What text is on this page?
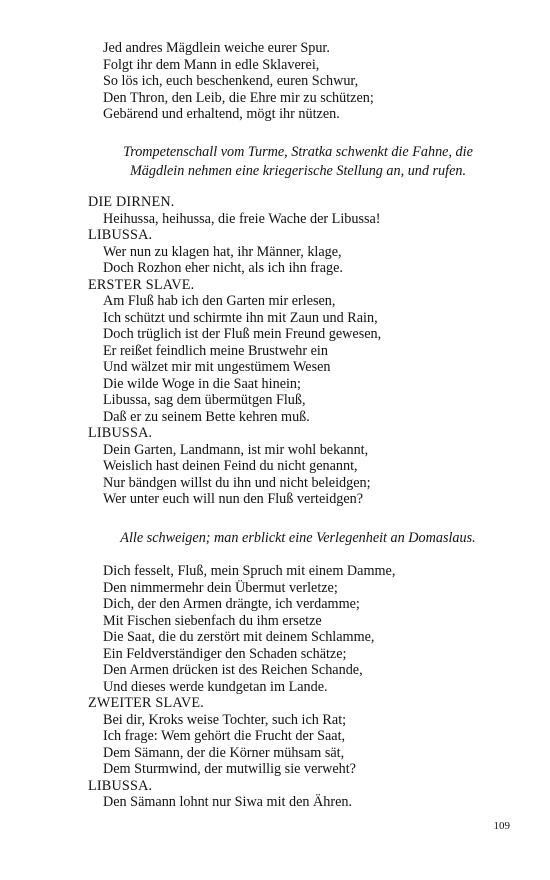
Jed andres Mägdlein weiche eurer Spur.
Folgt ihr dem Mann in edle Sklaverei,
So lös ich, euch beschenkend, euren Schwur,
Den Thron, den Leib, die Ehre mir zu schützen;
Gebärend und erhaltend, mögt ihr nützen.
Trompetenschall vom Turme, Stratka schwenkt die Fahne, die
Mägdlein nehmen eine kriegerische Stellung an, und rufen.
DIE DIRNEN.
Heihussa, heihussa, die freie Wache der Libussa!
LIBUSSA.
Wer nun zu klagen hat, ihr Männer, klage,
Doch Rozhon eher nicht, als ich ihn frage.
ERSTER SLAVE.
Am Fluß hab ich den Garten mir erlesen,
Ich schützt und schirmte ihn mit Zaun und Rain,
Doch trüglich ist der Fluß mein Freund gewesen,
Er reißet feindlich meine Brustwehr ein
Und wälzet mir mit ungestümem Wesen
Die wilde Woge in die Saat hinein;
Libussa, sag dem übermütgen Fluß,
Daß er zu seinem Bette kehren muß.
LIBUSSA.
Dein Garten, Landmann, ist mir wohl bekannt,
Weislich hast deinen Feind du nicht genannt,
Nur bändgen willst du ihn und nicht beleidgen;
Wer unter euch will nun den Fluß verteidgen?
Alle schweigen; man erblickt eine Verlegenheit an Domaslaus.
Dich fesselt, Fluß, mein Spruch mit einem Damme,
Den nimmermehr dein Übermut verletze;
Dich, der den Armen drängte, ich verdamme;
Mit Fischen siebenfach du ihm ersetze
Die Saat, die du zerstört mit deinem Schlamme,
Ein Feldverständiger den Schaden schätze;
Den Armen drücken ist des Reichen Schande,
Und dieses werde kundgetan im Lande.
ZWEITER SLAVE.
Bei dir, Kroks weise Tochter, such ich Rat;
Ich frage: Wem gehört die Frucht der Saat,
Dem Sämann, der die Körner mühsam sät,
Dem Sturmwind, der mutwillig sie verweht?
LIBUSSA.
Den Sämann lohnt nur Siwa mit den Ähren.
109
